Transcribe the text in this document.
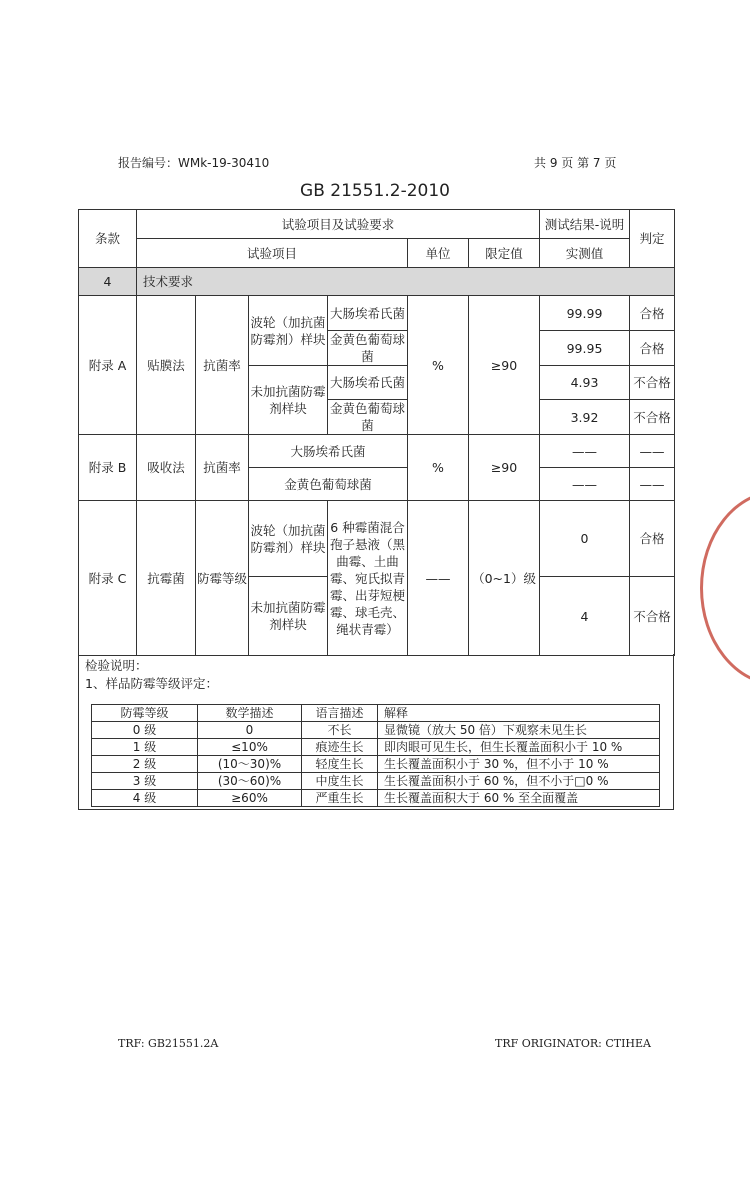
报告编号：WMk-19-30410	共 9 页 第 7 页
GB 21551.2-2010
条款	试验项目及试验要求						测试结果-说明	判定
	试验项目				单位	限定值	实测值	
4	技术要求							
附录 A	贴膜法	抗菌率	波轮（加抗菌防霉剂）样块	大肠埃希氏菌	%	≥90	99.99	合格
				金黄色葡萄球菌			99.95	合格
			未加抗菌防霉剂样块	大肠埃希氏菌			4.93	不合格
				金黄色葡萄球菌			3.92	不合格
附录 B	吸收法	抗菌率	大肠埃希氏菌		%	≥90	——	——
			金黄色葡萄球菌				——	——
附录 C	抗霉菌	防霉等级	波轮（加抗菌防霉剂）样块	6 种霉菌混合孢子悬液（黑曲霉、土曲霉、宛氏拟青霉、出芽短梗霉、球毛壳、绳状青霉）	——	（0~1）级	0	合格
			未加抗菌防霉剂样块				4	不合格
检验说明：
1、样品防霉等级评定：
防霉等级	数学描述	语言描述	解释
0 级	0	不长	显微镜（放大 50 倍）下观察未见生长
1 级	≤10%	痕迹生长	即肉眼可见生长，但生长覆盖面积小于 10 %
2 级	(10～30)%	轻度生长	生长覆盖面积小于 30 %，但不小于 10 %
3 级	(30～60)%	中度生长	生长覆盖面积小于 60 %，但不小于□0 %
4 级	≥60%	严重生长	生长覆盖面积大于 60 % 至全面覆盖
TRF: GB21551.2A	TRF ORIGINATOR: CTIHEA
